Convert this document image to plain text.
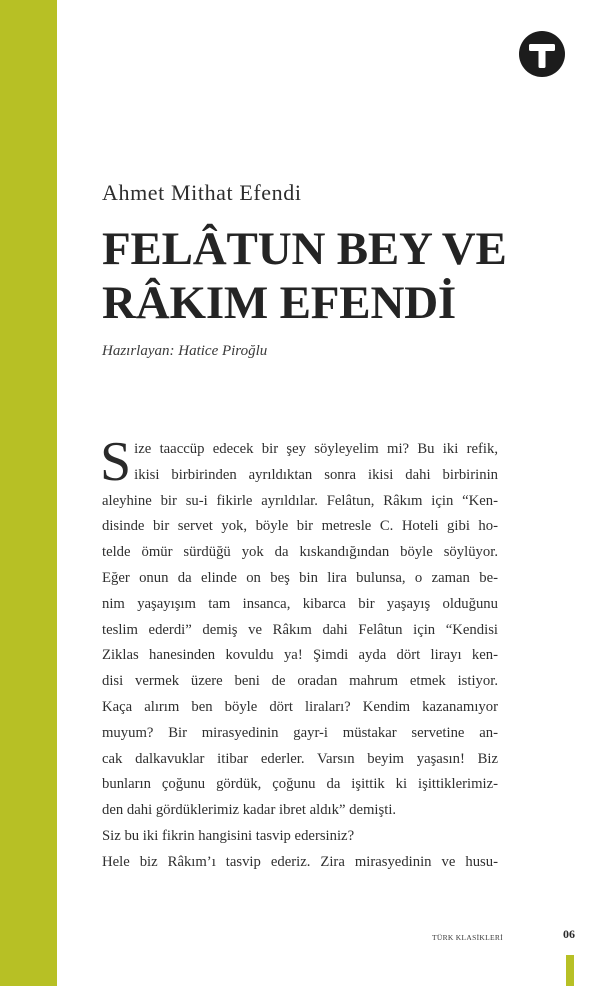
Ahmet Mithat Efendi
FELÂTUN BEY VE
RÂKIM EFENDİ
Hazırlayan: Hatice Piroğlu
S ize taaccüp edecek bir şey söyleyelim mi? Bu iki refik,
ikisi birbirinden ayrıldıktan sonra ikisi dahi birbirinin
aleyhine bir su-i fikirle ayrıldılar. Felâtun, Râkım için “Ken-
disinde bir servet yok, böyle bir metresle C. Hoteli gibi ho-
telde ömür sürdüğü yok da kıskandığından böyle söylüyor.
Eğer onun da elinde on beş bin lira bulunsa, o zaman be-
nim yaşayışım tam insanca, kibarca bir yaşayış olduğunu
teslim ederdi” demiş ve Râkım dahi Felâtun için “Kendisi
Ziklas hanesinden kovuldu ya! Şimdi ayda dört lirayı ken-
disi vermek üzere beni de oradan mahrum etmek istiyor.
Kaça alırım ben böyle dört liraları? Kendim kazanamıyor
muyum? Bir mirasyedinin gayr-i müstakar servetine an-
cak dalkavuklar itibar ederler. Varsın beyim yaşasın! Biz
bunların çoğunu gördük, çoğunu da işittik ki işittiklerimiz-
den dahi gördüklerimiz kadar ibret aldık” demişti.
Siz bu iki fikrin hangisini tasvip edersiniz?
Hele biz Râkım’ı tasvip ederiz. Zira mirasyedinin ve husu-
TÜRK KLASİKLERİ	06
